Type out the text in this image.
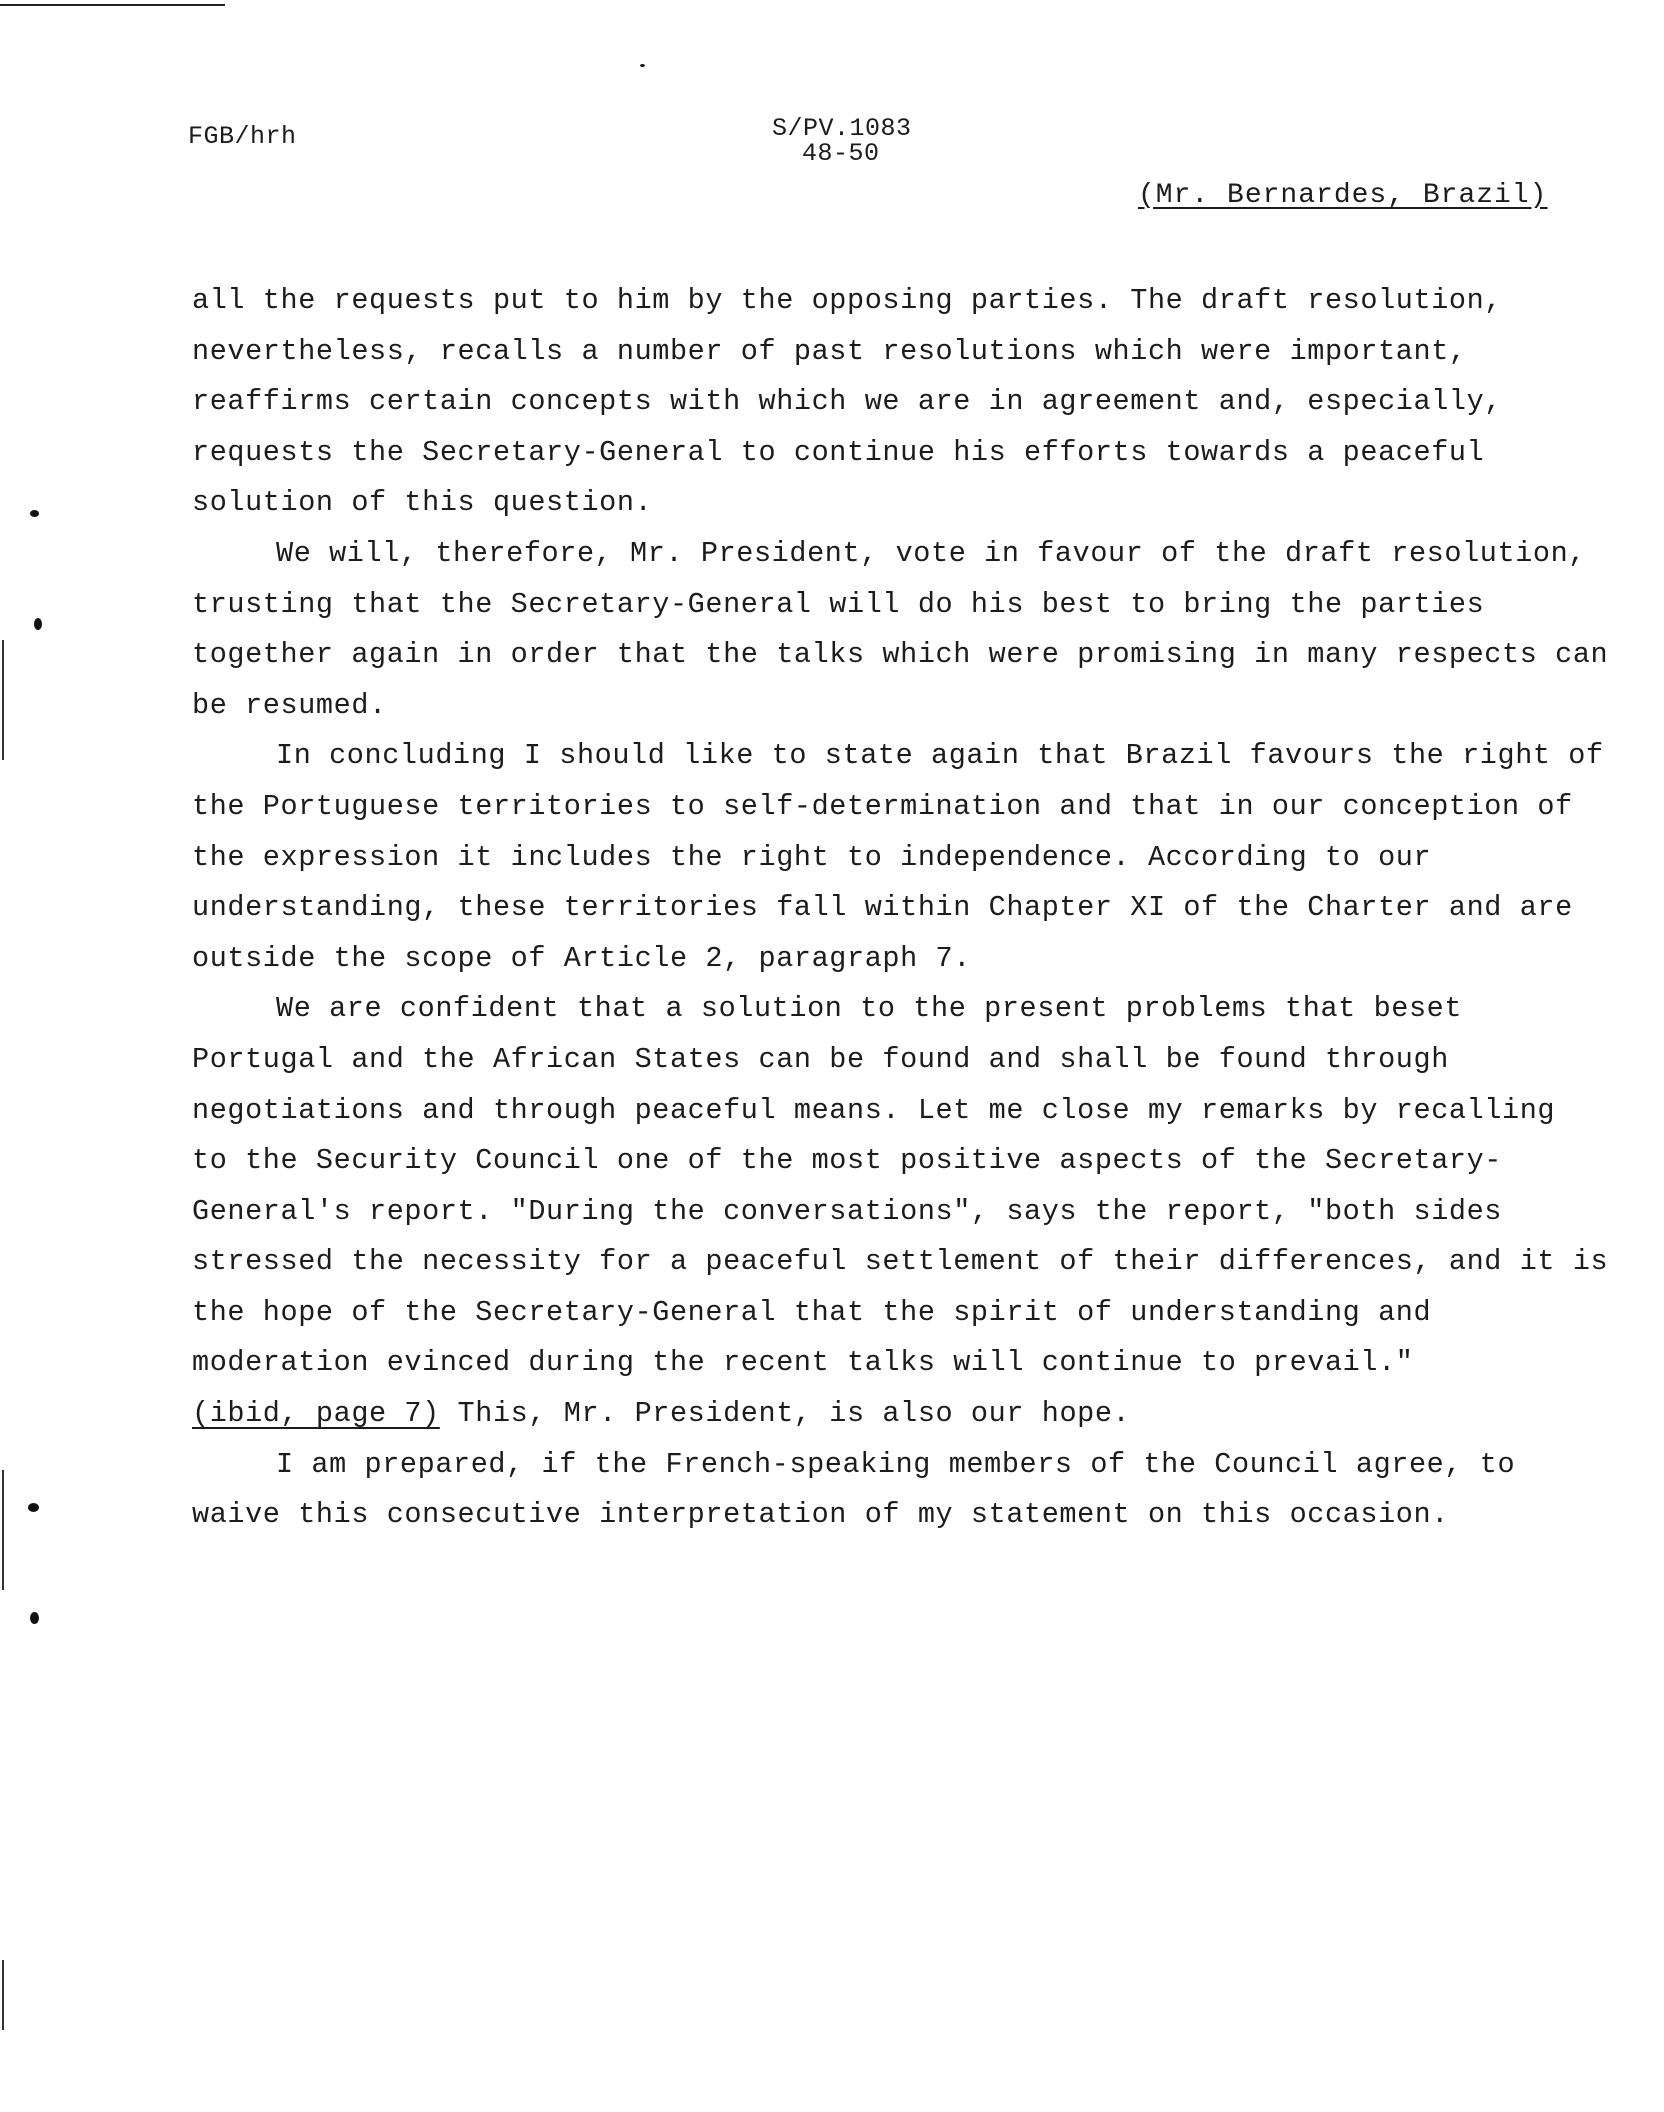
FGB/hrh	S/PV.1083
48-50
(Mr. Bernardes, Brazil)
all the requests put to him by the opposing parties. The draft resolution,
nevertheless, recalls a number of past resolutions which were important,
reaffirms certain concepts with which we are in agreement and, especially,
requests the Secretary-General to continue his efforts towards a peaceful
solution of this question.
We will, therefore, Mr. President, vote in favour of the draft resolution,
trusting that the Secretary-General will do his best to bring the parties
together again in order that the talks which were promising in many respects can
be resumed.
In concluding I should like to state again that Brazil favours the right of
the Portuguese territories to self-determination and that in our conception of
the expression it includes the right to independence. According to our
understanding, these territories fall within Chapter XI of the Charter and are
outside the scope of Article 2, paragraph 7.
We are confident that a solution to the present problems that beset
Portugal and the African States can be found and shall be found through
negotiations and through peaceful means. Let me close my remarks by recalling
to the Security Council one of the most positive aspects of the Secretary-
General's report. "During the conversations", says the report, "both sides
stressed the necessity for a peaceful settlement of their differences, and it is
the hope of the Secretary-General that the spirit of understanding and
moderation evinced during the recent talks will continue to prevail."
(ibid, page 7) This, Mr. President, is also our hope.
I am prepared, if the French-speaking members of the Council agree, to
waive this consecutive interpretation of my statement on this occasion.
